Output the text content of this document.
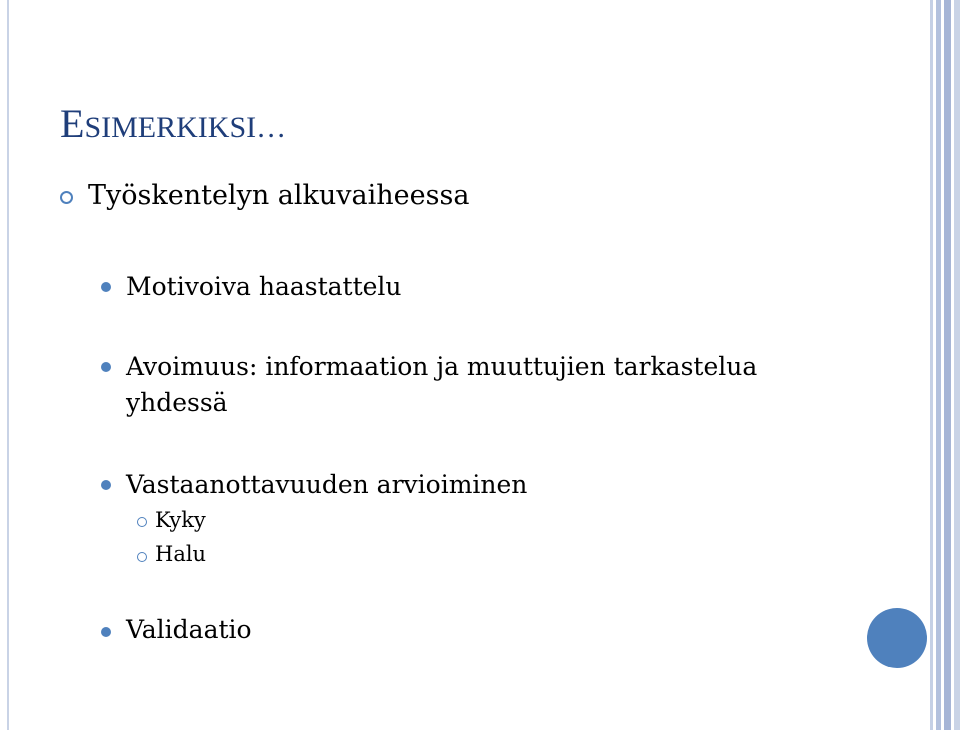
ESIMERKIKSI…
Työskentelyn alkuvaiheessa
Motivoiva haastattelu
Avoimuus: informaation ja muuttujien tarkastelua
yhdessä
Vastaanottavuuden arvioiminen
Kyky
Halu
Validaatio
